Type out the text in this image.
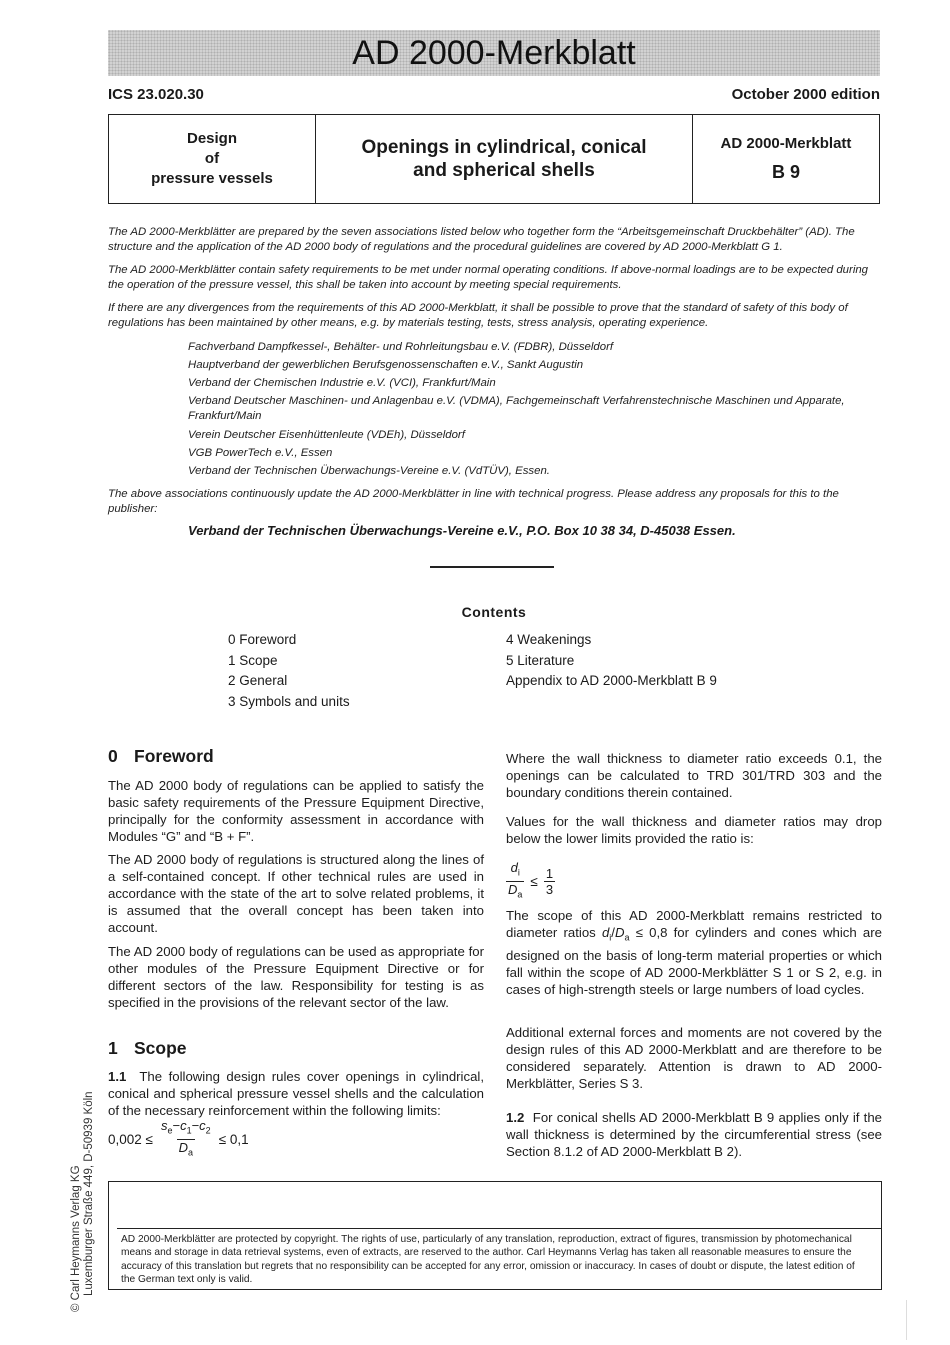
AD 2000-Merkblatt
ICS 23.020.30	October 2000 edition
Design
of
pressure vessels
Openings in cylindrical, conical
and spherical shells
AD 2000-Merkblatt
B 9

The AD 2000-Merkblätter are prepared by the seven associations listed below who together form the “Arbeitsgemeinschaft Druckbehälter” (AD). The structure and the application of the AD 2000 body of regulations and the procedural guidelines are covered by AD 2000-Merkblatt G 1.

The AD 2000-Merkblätter contain safety requirements to be met under normal operating conditions. If above-normal loadings are to be expected during the operation of the pressure vessel, this shall be taken into account by meeting special requirements.

If there are any divergences from the requirements of this AD 2000-Merkblatt, it shall be possible to prove that the standard of safety of this body of regulations has been maintained by other means, e.g. by materials testing, tests, stress analysis, operating experience.

Fachverband Dampfkessel-, Behälter- und Rohrleitungsbau e.V. (FDBR), Düsseldorf

Hauptverband der gewerblichen Berufsgenossenschaften e.V., Sankt Augustin

Verband der Chemischen Industrie e.V. (VCI), Frankfurt/Main

Verband Deutscher Maschinen- und Anlagenbau e.V. (VDMA), Fachgemeinschaft Verfahrenstechnische Maschinen und Apparate, Frankfurt/Main

Verein Deutscher Eisenhüttenleute (VDEh), Düsseldorf

VGB PowerTech e.V., Essen

Verband der Technischen Überwachungs-Vereine e.V. (VdTÜV), Essen.

The above associations continuously update the AD 2000-Merkblätter in line with technical progress. Please address any proposals for this to the publisher:

Verband der Technischen Überwachungs-Vereine e.V., P.O. Box 10 38 34, D-45038 Essen.
Contents
0 Foreword
1 Scope
2 General
3 Symbols and units
4 Weakenings
5 Literature
Appendix to AD 2000-Merkblatt B 9
0 Foreword

The AD 2000 body of regulations can be applied to satisfy the basic safety requirements of the Pressure Equipment Directive, principally for the conformity assessment in accordance with Modules “G” and “B + F”.

The AD 2000 body of regulations is structured along the lines of a self-contained concept. If other technical rules are used in accordance with the state of the art to solve related problems, it is assumed that the overall concept has been taken into account.

The AD 2000 body of regulations can be used as appropriate for other modules of the Pressure Equipment Directive or for different sectors of the law. Responsibility for testing is as specified in the provisions of the relevant sector of the law.

1 Scope

1.1 The following design rules cover openings in cylindrical, conical and spherical pressure vessel shells and the calculation of the necessary reinforcement within the following limits:

$0,002 \le \frac{s_e-c_1-c_2}{D_a} \le 0,1$

Where the wall thickness to diameter ratio exceeds 0.1, the openings can be calculated to TRD 301/TRD 303 and the boundary conditions therein contained.

Values for the wall thickness and diameter ratios may drop below the lower limits provided the ratio is:

$\frac{d_i}{D_a} \le \frac{1}{3}$

The scope of this AD 2000-Merkblatt remains restricted to diameter ratios $d_i/D_a \le 0,8$ for cylinders and cones which are designed on the basis of long-term material properties or which fall within the scope of AD 2000-Merkblätter S 1 or S 2, e.g. in cases of high-strength steels or large numbers of load cycles.

Additional external forces and moments are not covered by the design rules of this AD 2000-Merkblatt and are therefore to be considered separately. Attention is drawn to AD 2000-Merkblätter, Series S 3.

1.2 For conical shells AD 2000-Merkblatt B 9 applies only if the wall thickness is determined by the circumferential stress (see Section 8.1.2 of AD 2000-Merkblatt B 2).

© Carl Heymanns Verlag KG Luxemburger Straße 449, D-50939 Köln	AD 2000-Merkblätter are protected by copyright. The rights of use, particularly of any translation, reproduction, extract of figures, transmission by photomechanical means and storage in data retrieval systems, even of extracts, are reserved to the author. Carl Heymanns Verlag has taken all reasonable measures to ensure the accuracy of this translation but regrets that no responsibility can be accepted for any error, omission or inaccuracy. In cases of doubt or dispute, the latest edition of the German text only is valid.
